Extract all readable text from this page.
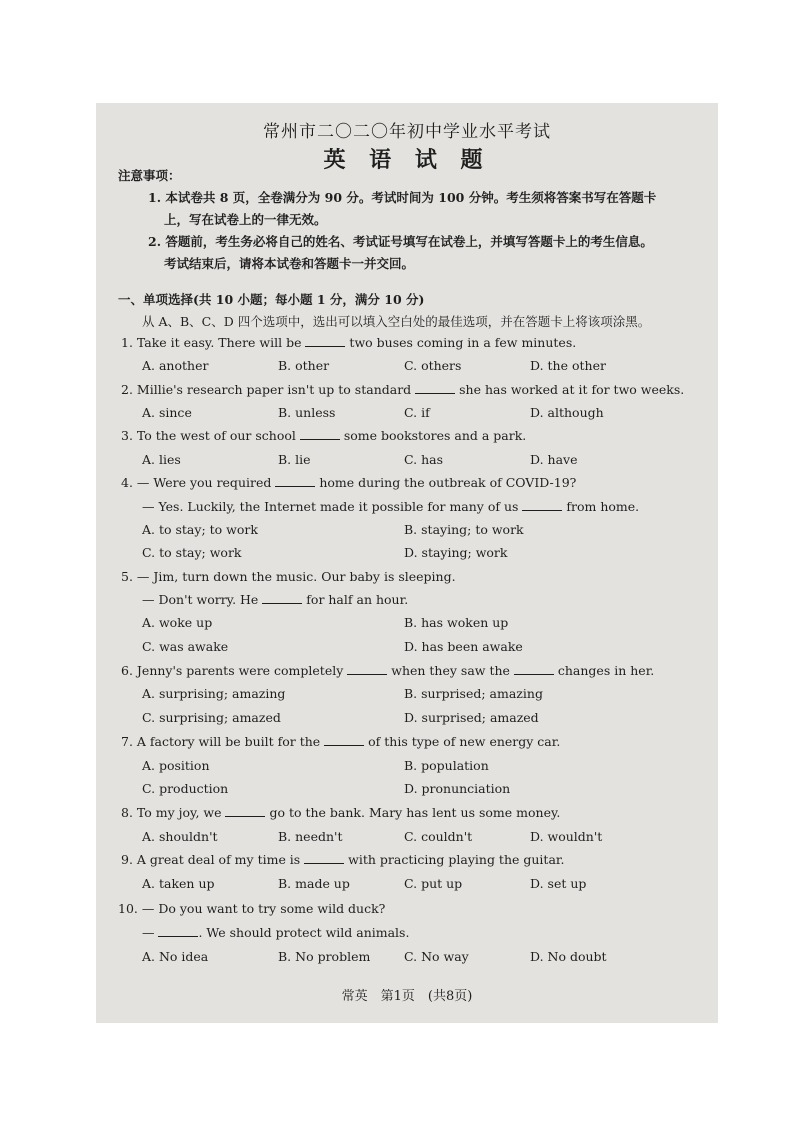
常州市二〇二〇年初中学业水平考试
英 语 试 题
注意事项：
1. 本试卷共 8 页，全卷满分为 90 分。考试时间为 100 分钟。考生须将答案书写在答题卡
上，写在试卷上的一律无效。
2. 答题前，考生务必将自己的姓名、考试证号填写在试卷上，并填写答题卡上的考生信息。
考试结束后，请将本试卷和答题卡一并交回。
一、单项选择(共 10 小题；每小题 1 分，满分 10 分)
从 A、B、C、D 四个选项中，选出可以填入空白处的最佳选项，并在答题卡上将该项涂黑。
1. Take it easy. There will be	two buses coming in a few minutes.
A. another	B. other	C. others	D. the other
2. Millie's research paper isn't up to standard	she has worked at it for two weeks.
A. since	B. unless	C. if	D. although
3. To the west of our school	some bookstores and a park.
A. lies	B. lie	C. has	D. have
4. — Were you required	home during the outbreak of COVID-19?
— Yes. Luckily, the Internet made it possible for many of us	from home.
A. to stay; to work	B. staying; to work
C. to stay; work	D. staying; work
5. — Jim, turn down the music. Our baby is sleeping.
— Don't worry. He	for half an hour.
A. woke up	B. has woken up
C. was awake	D. has been awake
6. Jenny's parents were completely	when they saw the	changes in her.
A. surprising; amazing	B. surprised; amazing
C. surprising; amazed	D. surprised; amazed
7. A factory will be built for the	of this type of new energy car.
A. position	B. population
C. production	D. pronunciation
8. To my joy, we	go to the bank. Mary has lent us some money.
A. shouldn't	B. needn't	C. couldn't	D. wouldn't
9. A great deal of my time is	with practicing playing the guitar.
A. taken up	B. made up	C. put up	D. set up
10. — Do you want to try some wild duck?
—	. We should protect wild animals.
A. No idea	B. No problem	C. No way	D. No doubt
常英　第1页　(共8页)
